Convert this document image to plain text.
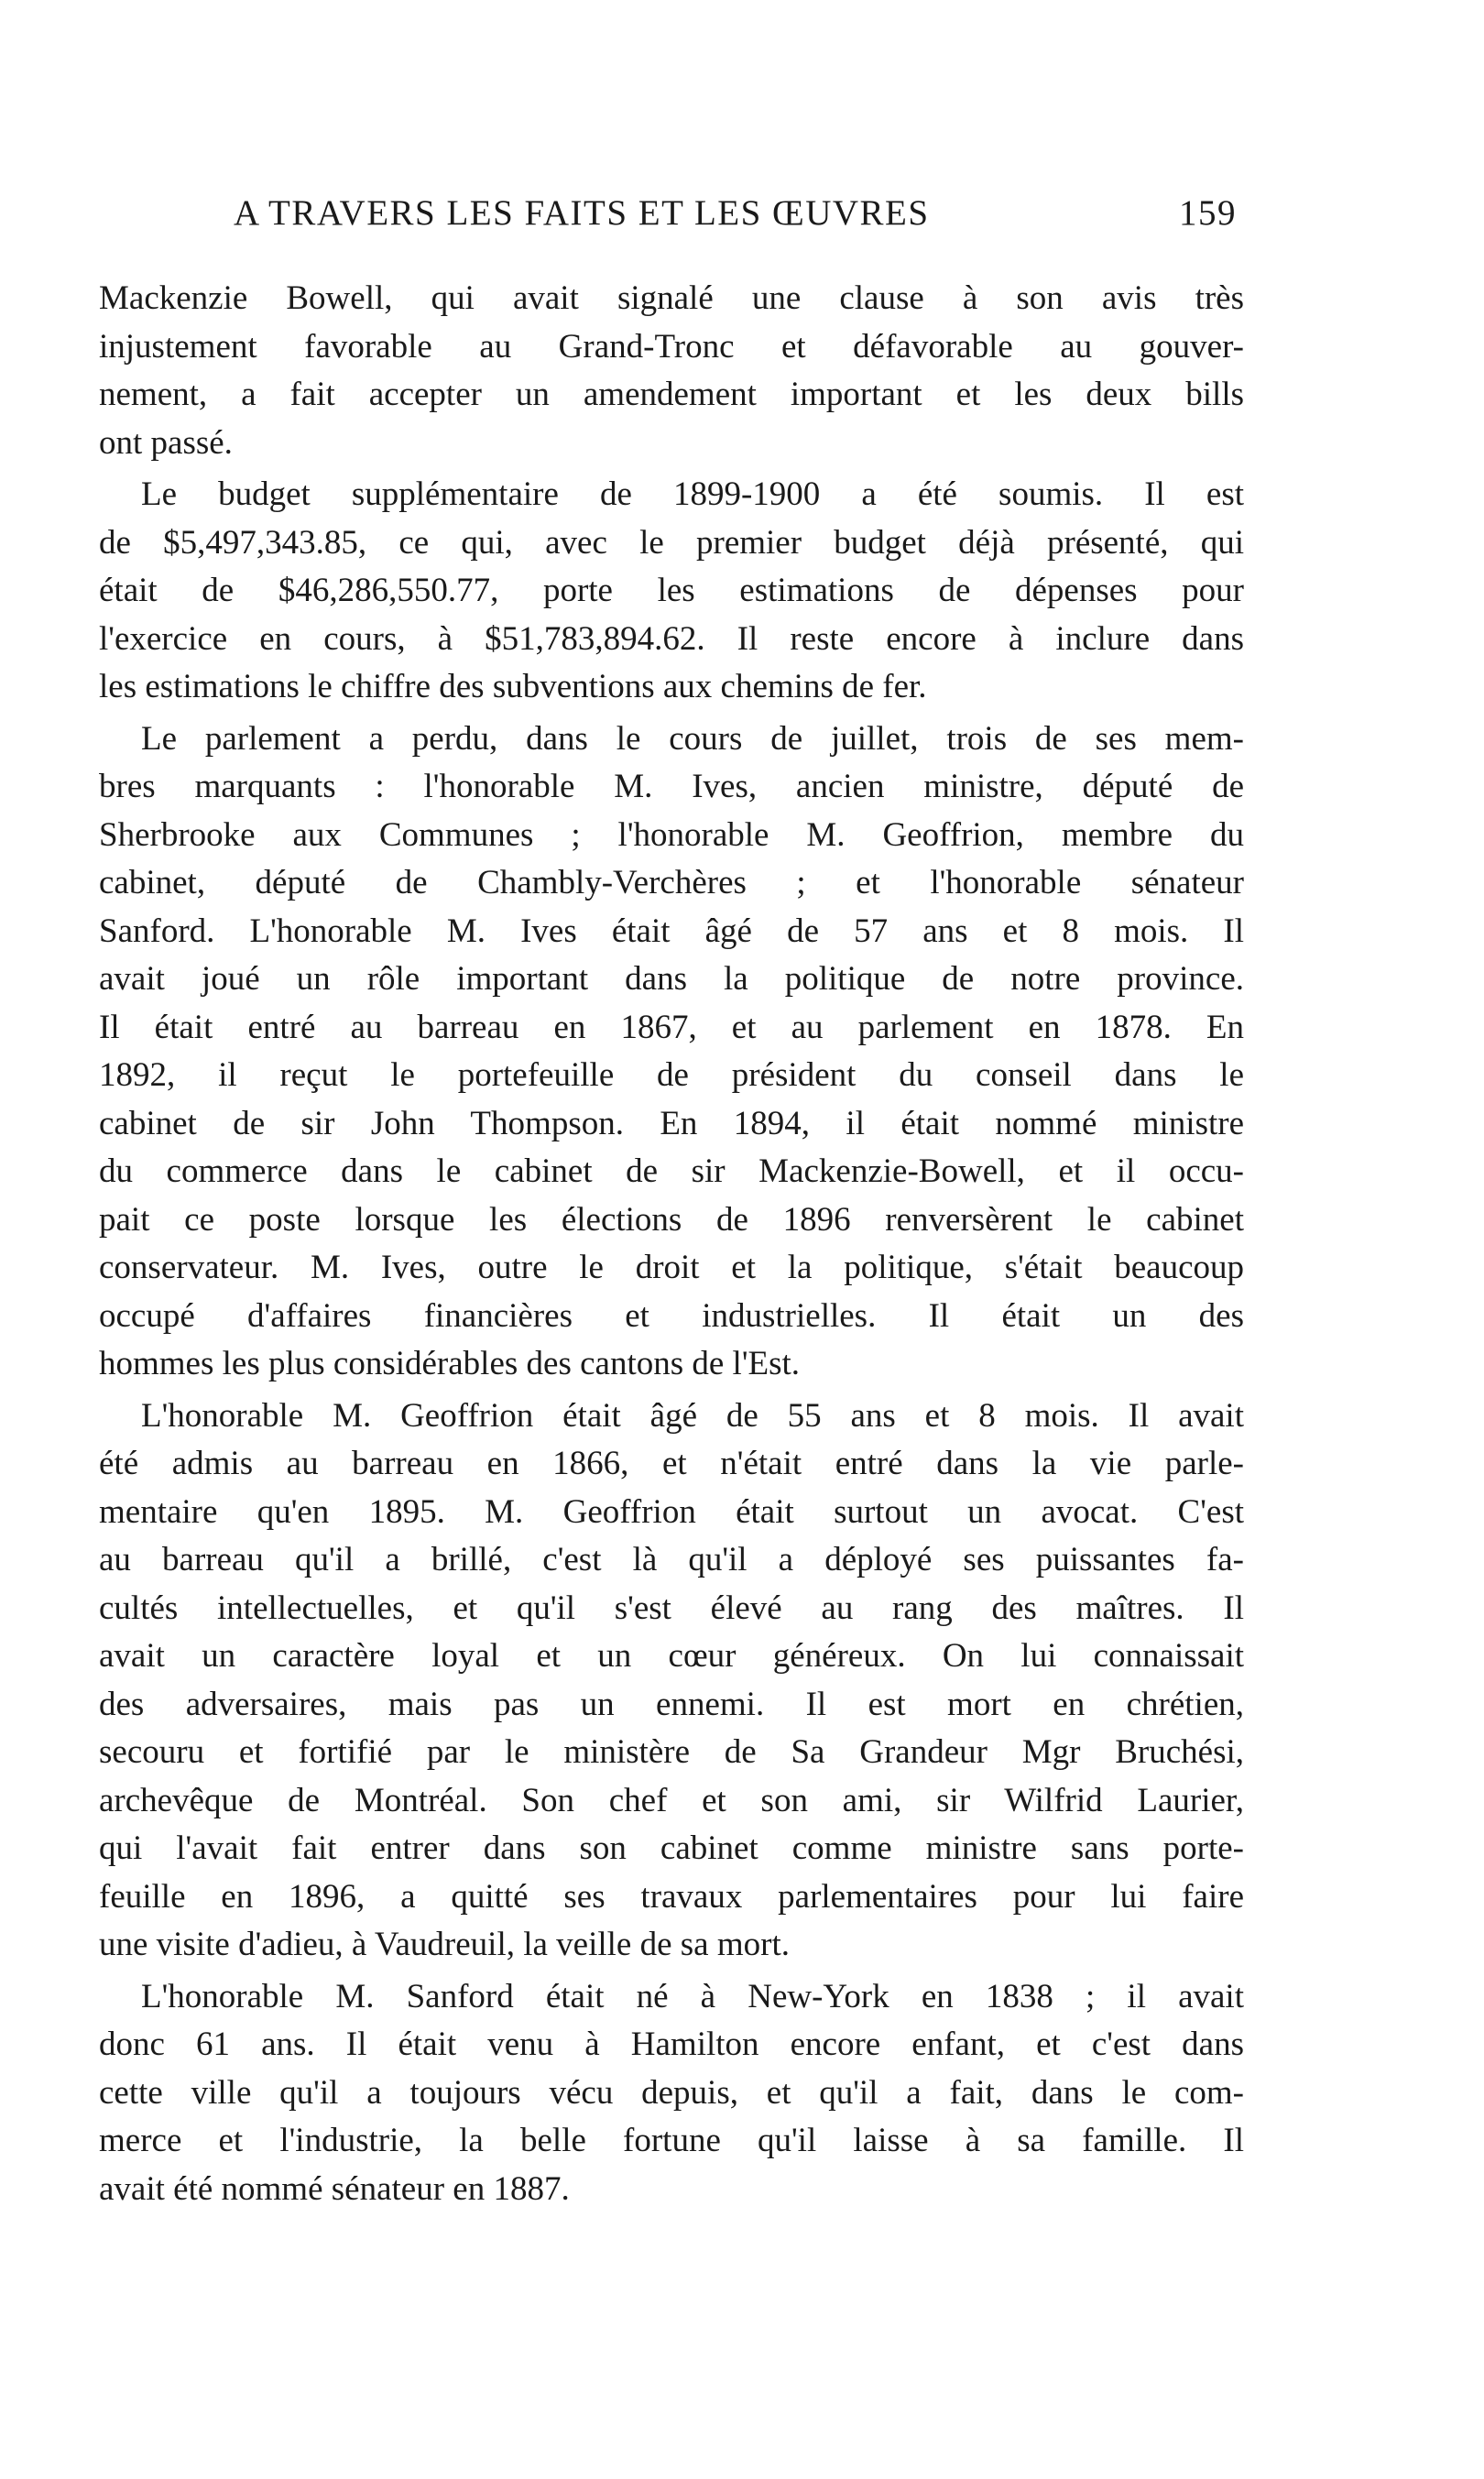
A TRAVERS LES FAITS ET LES ŒUVRES	159
Mackenzie Bowell, qui avait signalé une clause à son avis très
injustement favorable au Grand-Tronc et défavorable au gouver-
nement, a fait accepter un amendement important et les deux bills
ont passé.
Le budget supplémentaire de 1899-1900 a été soumis. Il est
de $5,497,343.85, ce qui, avec le premier budget déjà présenté, qui
était de $46,286,550.77, porte les estimations de dépenses pour
l'exercice en cours, à $51,783,894.62. Il reste encore à inclure dans
les estimations le chiffre des subventions aux chemins de fer.
Le parlement a perdu, dans le cours de juillet, trois de ses mem-
bres marquants : l'honorable M. Ives, ancien ministre, député de
Sherbrooke aux Communes ; l'honorable M. Geoffrion, membre du
cabinet, député de Chambly-Verchères ; et l'honorable sénateur
Sanford. L'honorable M. Ives était âgé de 57 ans et 8 mois. Il
avait joué un rôle important dans la politique de notre province.
Il était entré au barreau en 1867, et au parlement en 1878. En
1892, il reçut le portefeuille de président du conseil dans le
cabinet de sir John Thompson. En 1894, il était nommé ministre
du commerce dans le cabinet de sir Mackenzie-Bowell, et il occu-
pait ce poste lorsque les élections de 1896 renversèrent le cabinet
conservateur. M. Ives, outre le droit et la politique, s'était beaucoup
occupé d'affaires financières et industrielles. Il était un des
hommes les plus considérables des cantons de l'Est.
L'honorable M. Geoffrion était âgé de 55 ans et 8 mois. Il avait
été admis au barreau en 1866, et n'était entré dans la vie parle-
mentaire qu'en 1895. M. Geoffrion était surtout un avocat. C'est
au barreau qu'il a brillé, c'est là qu'il a déployé ses puissantes fa-
cultés intellectuelles, et qu'il s'est élevé au rang des maîtres. Il
avait un caractère loyal et un cœur généreux. On lui connaissait
des adversaires, mais pas un ennemi. Il est mort en chrétien,
secouru et fortifié par le ministère de Sa Grandeur Mgr Bruchési,
archevêque de Montréal. Son chef et son ami, sir Wilfrid Laurier,
qui l'avait fait entrer dans son cabinet comme ministre sans porte-
feuille en 1896, a quitté ses travaux parlementaires pour lui faire
une visite d'adieu, à Vaudreuil, la veille de sa mort.
L'honorable M. Sanford était né à New-York en 1838 ; il avait
donc 61 ans. Il était venu à Hamilton encore enfant, et c'est dans
cette ville qu'il a toujours vécu depuis, et qu'il a fait, dans le com-
merce et l'industrie, la belle fortune qu'il laisse à sa famille. Il
avait été nommé sénateur en 1887.
